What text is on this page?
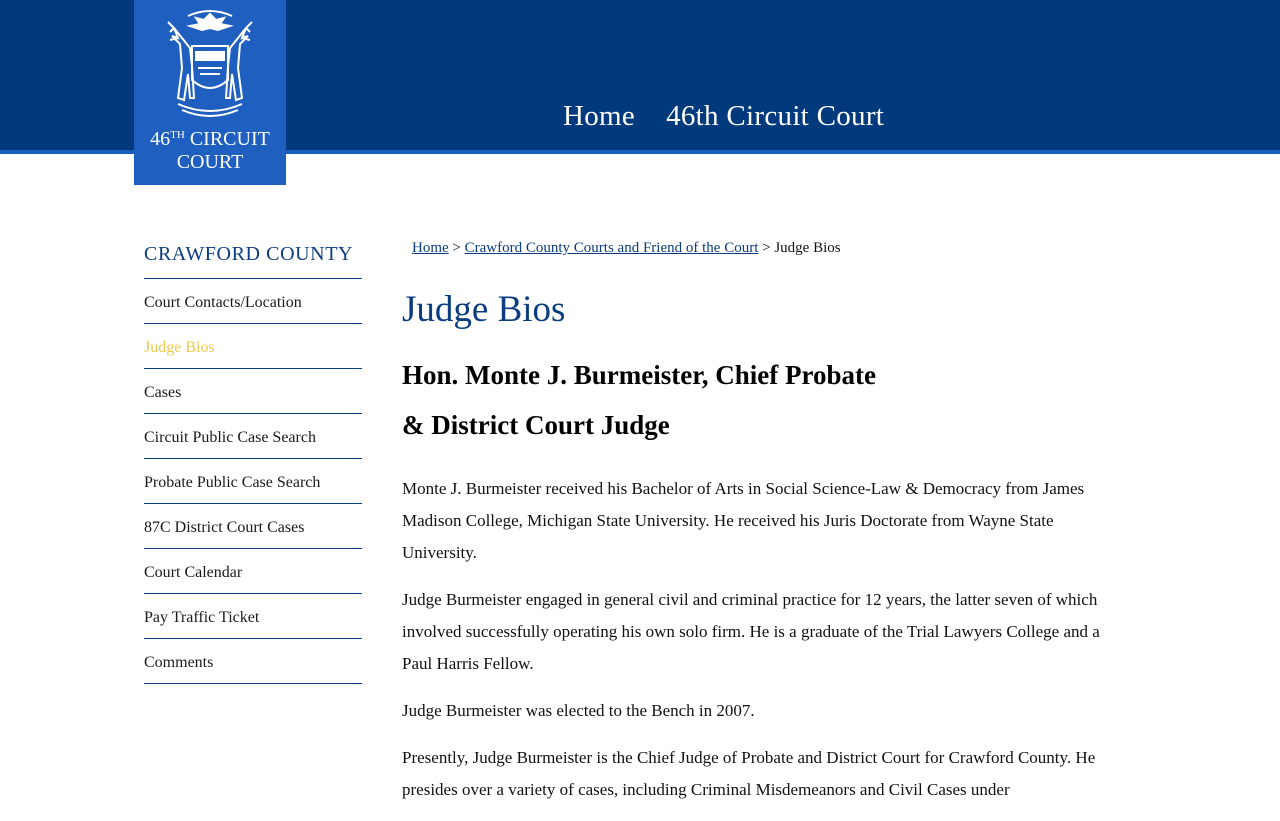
46TH CIRCUIT
COURT
Home 46th Circuit Court
CRAWFORD COUNTY
Court Contacts/Location
Judge Bios
Cases
Circuit Public Case Search
Probate Public Case Search
87C District Court Cases
Court Calendar
Pay Traffic Ticket
Comments
Home > Crawford County Courts and Friend of the Court > Judge Bios
Judge Bios
Hon. Monte J. Burmeister, Chief Probate
& District Court Judge

Monte J. Burmeister received his Bachelor of Arts in Social Science-Law & Democracy from James Madison College, Michigan State University. He received his Juris Doctorate from Wayne State University.

Judge Burmeister engaged in general civil and criminal practice for 12 years, the latter seven of which involved successfully operating his own solo firm. He is a graduate of the Trial Lawyers College and a Paul Harris Fellow.

Judge Burmeister was elected to the Bench in 2007.

Presently, Judge Burmeister is the Chief Judge of Probate and District Court for Crawford County. He presides over a variety of cases, including Criminal Misdemeanors and Civil Cases under
